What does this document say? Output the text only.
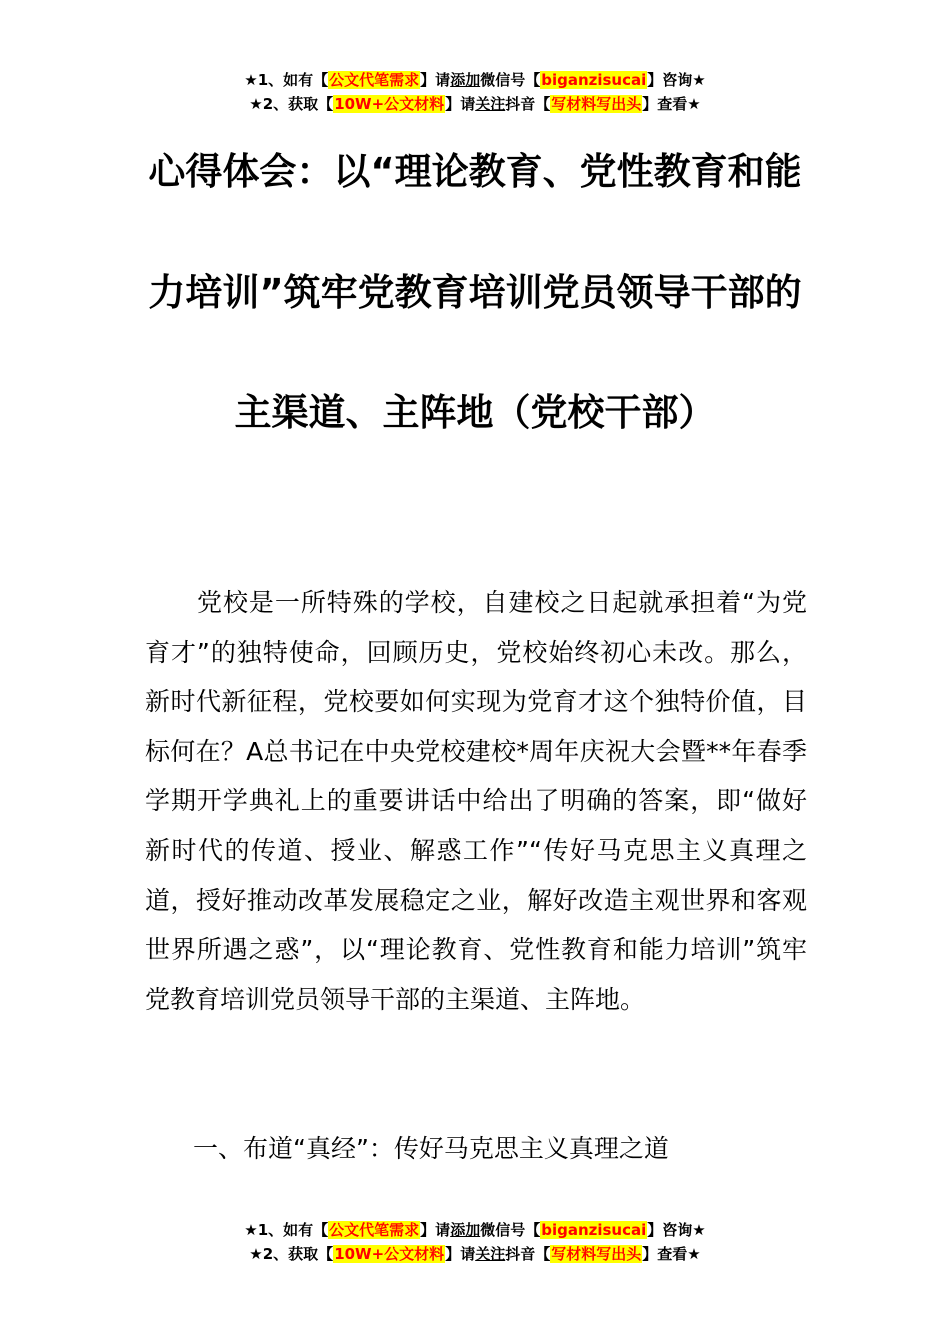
★1、如有【公文代笔需求】请添加微信号【biganzisucai】咨询★
★2、获取【10W+公文材料】请关注抖音【写材料写出头】查看★
心得体会：以“理论教育、党性教育和能
力培训”筑牢党教育培训党员领导干部的
主渠道、主阵地（党校干部）
党校是一所特殊的学校，自建校之日起就承担着“为党育才”的独特使命，回顾历史，党校始终初心未改。那么，新时代新征程，党校要如何实现为党育才这个独特价值，目标何在？A总书记在中央党校建校*周年庆祝大会暨**年春季学期开学典礼上的重要讲话中给出了明确的答案，即“做好新时代的传道、授业、解惑工作”“传好马克思主义真理之道，授好推动改革发展稳定之业，解好改造主观世界和客观世界所遇之惑”，以“理论教育、党性教育和能力培训”筑牢党教育培训党员领导干部的主渠道、主阵地。
一、布道“真经”：传好马克思主义真理之道
★1、如有【公文代笔需求】请添加微信号【biganzisucai】咨询★
★2、获取【10W+公文材料】请关注抖音【写材料写出头】查看★
